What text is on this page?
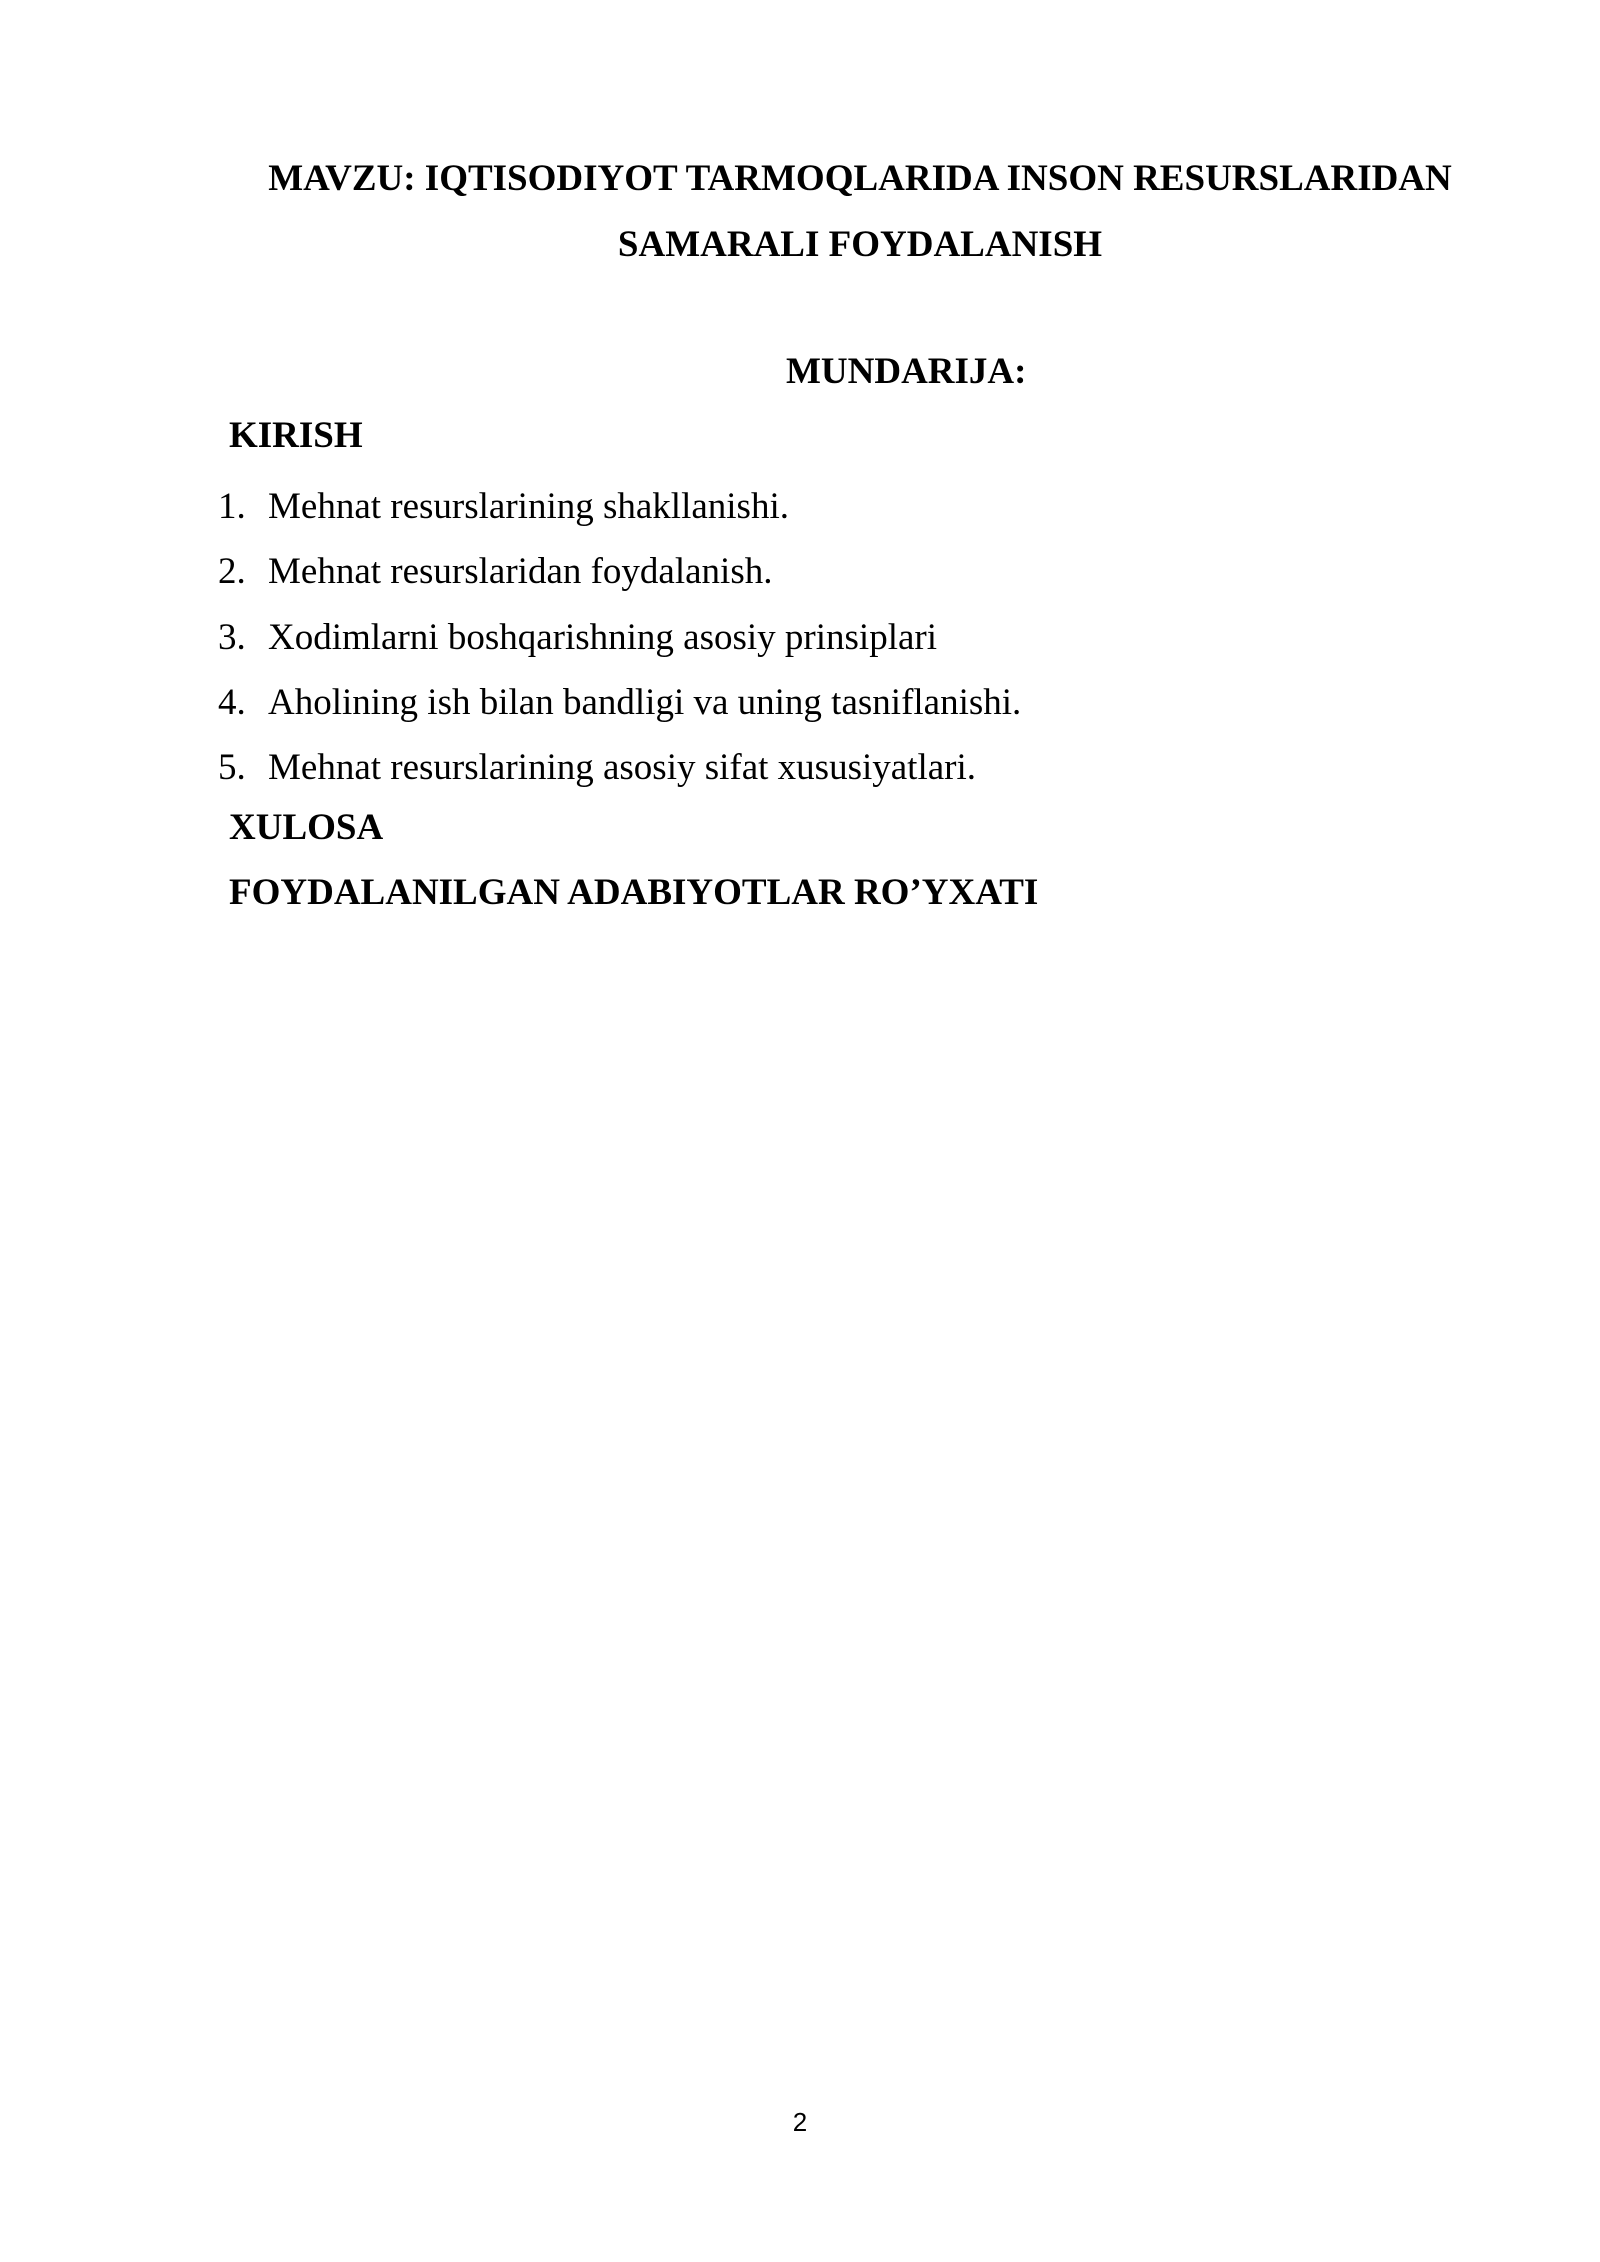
MAVZU: IQTISODIYOT TARMOQLARIDA INSON RESURSLARIDAN
SAMARALI FOYDALANISH
MUNDARIJA:
KIRISH
1. Mehnat resurslarining shakllanishi.
2. Mehnat resurslaridan foydalanish.
3. Xodimlarni boshqarishning asosiy prinsiplari
4. Aholining ish bilan bandligi va uning tasniflanishi.
5. Mehnat resurslarining asosiy sifat xususiyatlari.
XULOSA
FOYDALANILGAN ADABIYOTLAR RO’YXATI
2
